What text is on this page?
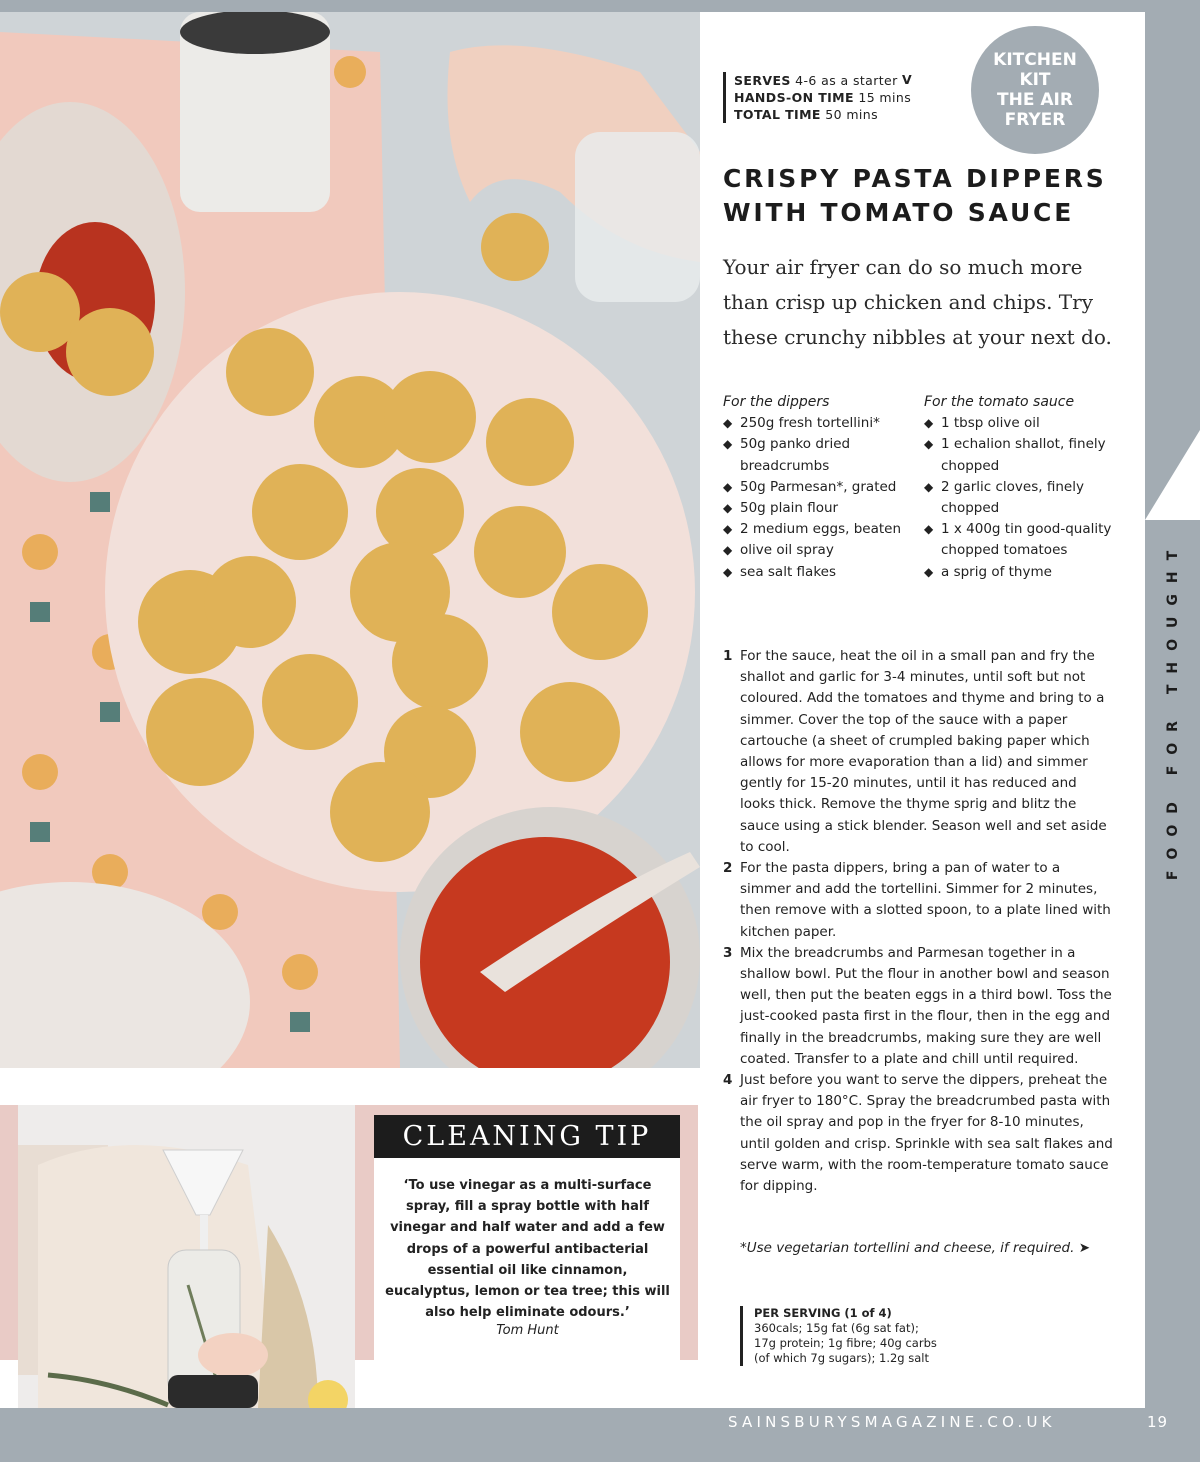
SERVES 4-6 as a starter
HANDS-ON TIME 15 mins
TOTAL TIME 50 mins
V
KITCHEN
KIT
THE AIR
FRYER
CRISPY PASTA DIPPERS
WITH TOMATO SAUCE

Your air fryer can do so much more than crisp up chicken and chips. Try these crunchy nibbles at your next do.

For the dippers
◆ 250g fresh tortellini*
◆ 50g panko dried breadcrumbs
◆ 50g Parmesan*, grated
◆ 50g plain flour
◆ 2 medium eggs, beaten
◆ olive oil spray
◆ sea salt flakes
For the tomato sauce
◆ 1 tbsp olive oil
◆ 1 echalion shallot, finely chopped
◆ 2 garlic cloves, finely chopped
◆ 1 x 400g tin good-quality chopped tomatoes
◆ a sprig of thyme
1 For the sauce, heat the oil in a small pan and fry the shallot and garlic for 3-4 minutes, until soft but not coloured. Add the tomatoes and thyme and bring to a simmer. Cover the top of the sauce with a paper cartouche (a sheet of crumpled baking paper which allows for more evaporation than a lid) and simmer gently for 15-20 minutes, until it has reduced and looks thick. Remove the thyme sprig and blitz the sauce using a stick blender. Season well and set aside to cool.
2 For the pasta dippers, bring a pan of water to a simmer and add the tortellini. Simmer for 2 minutes, then remove with a slotted spoon, to a plate lined with kitchen paper.
3 Mix the breadcrumbs and Parmesan together in a shallow bowl. Put the flour in another bowl and season well, then put the beaten eggs in a third bowl. Toss the just-cooked pasta first in the flour, then in the egg and finally in the breadcrumbs, making sure they are well coated. Transfer to a plate and chill until required.
4 Just before you want to serve the dippers, preheat the air fryer to 180°C. Spray the breadcrumbed pasta with the oil spray and pop in the fryer for 8-10 minutes, until golden and crisp. Sprinkle with sea salt flakes and serve warm, with the room-temperature tomato sauce for dipping.

*Use vegetarian tortellini and cheese, if required. ➤

PER SERVING (1 of 4)
360cals; 15g fat (6g sat fat);
17g protein; 1g fibre; 40g carbs
(of which 7g sugars); 1.2g salt
FOOD FOR THOUGHT
CLEANING TIP

‘To use vinegar as a multi-surface spray, fill a spray bottle with half vinegar and half water and add a few drops of a powerful antibacterial essential oil like cinnamon, eucalyptus, lemon or tea tree; this will also help eliminate odours.’

Tom Hunt

SAINSBURYSMAGAZINE.CO.UK	19
